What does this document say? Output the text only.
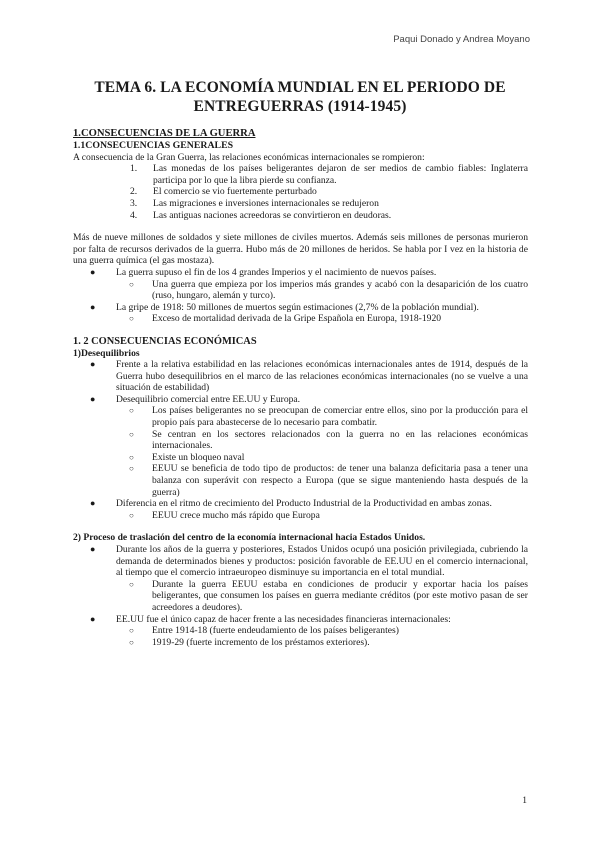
Paqui Donado y Andrea Moyano
TEMA 6. LA ECONOMÍA MUNDIAL EN EL PERIODO DE ENTREGUERRAS (1914-1945)
1.CONSECUENCIAS DE LA GUERRA
1.1CONSECUENCIAS GENERALES
A consecuencia de la Gran Guerra, las relaciones económicas internacionales se rompieron:
1. Las monedas de los países beligerantes dejaron de ser medios de cambio fiables: Inglaterra participa por lo que la libra pierde su confianza.
2. El comercio se vio fuertemente perturbado
3. Las migraciones e inversiones internacionales se redujeron
4. Las antiguas naciones acreedoras se convirtieron en deudoras.
Más de nueve millones de soldados y siete millones de civiles muertos. Además seis millones de personas murieron por falta de recursos derivados de la guerra. Hubo más de 20 millones de heridos. Se habla por I vez en la historia de una guerra química (el gas mostaza).
● La guerra supuso el fin de los 4 grandes Imperios y el nacimiento de nuevos países.
○ Una guerra que empieza por los imperios más grandes y acabó con la desaparición de los cuatro (ruso, hungaro, alemán y turco).
● La gripe de 1918: 50 millones de muertos según estimaciones (2,7% de la población mundial).
○ Exceso de mortalidad derivada de la Gripe Española en Europa, 1918-1920
1. 2 CONSECUENCIAS ECONÓMICAS
1)Desequilibrios
● Frente a la relativa estabilidad en las relaciones económicas internacionales antes de 1914, después de la Guerra hubo desequilibrios en el marco de las relaciones económicas internacionales (no se vuelve a una situación de estabilidad)
● Desequilibrio comercial entre EE.UU y Europa.
○ Los países beligerantes no se preocupan de comerciar entre ellos, sino por la producción para el propio país para abastecerse de lo necesario para combatir.
○ Se centran en los sectores relacionados con la guerra no en las relaciones económicas internacionales.
○ Existe un bloqueo naval
○ EEUU se beneficia de todo tipo de productos: de tener una balanza deficitaria pasa a tener una balanza con superávit con respecto a Europa (que se sigue manteniendo hasta después de la guerra)
● Diferencia en el ritmo de crecimiento del Producto Industrial de la Productividad en ambas zonas.
○ EEUU crece mucho más rápido que Europa
2) Proceso de traslación del centro de la economía internacional hacia Estados Unidos.
● Durante los años de la guerra y posteriores, Estados Unidos ocupó una posición privilegiada, cubriendo la demanda de determinados bienes y productos: posición favorable de EE.UU en el comercio internacional, al tiempo que el comercio intraeuropeo disminuye su importancia en el total mundial.
○ Durante la guerra EEUU estaba en condiciones de producir y exportar hacia los países beligerantes, que consumen los países en guerra mediante créditos (por este motivo pasan de ser acreedores a deudores).
● EE.UU fue el único capaz de hacer frente a las necesidades financieras internacionales:
○ Entre 1914-18 (fuerte endeudamiento de los países beligerantes)
○ 1919-29 (fuerte incremento de los préstamos exteriores).
1
